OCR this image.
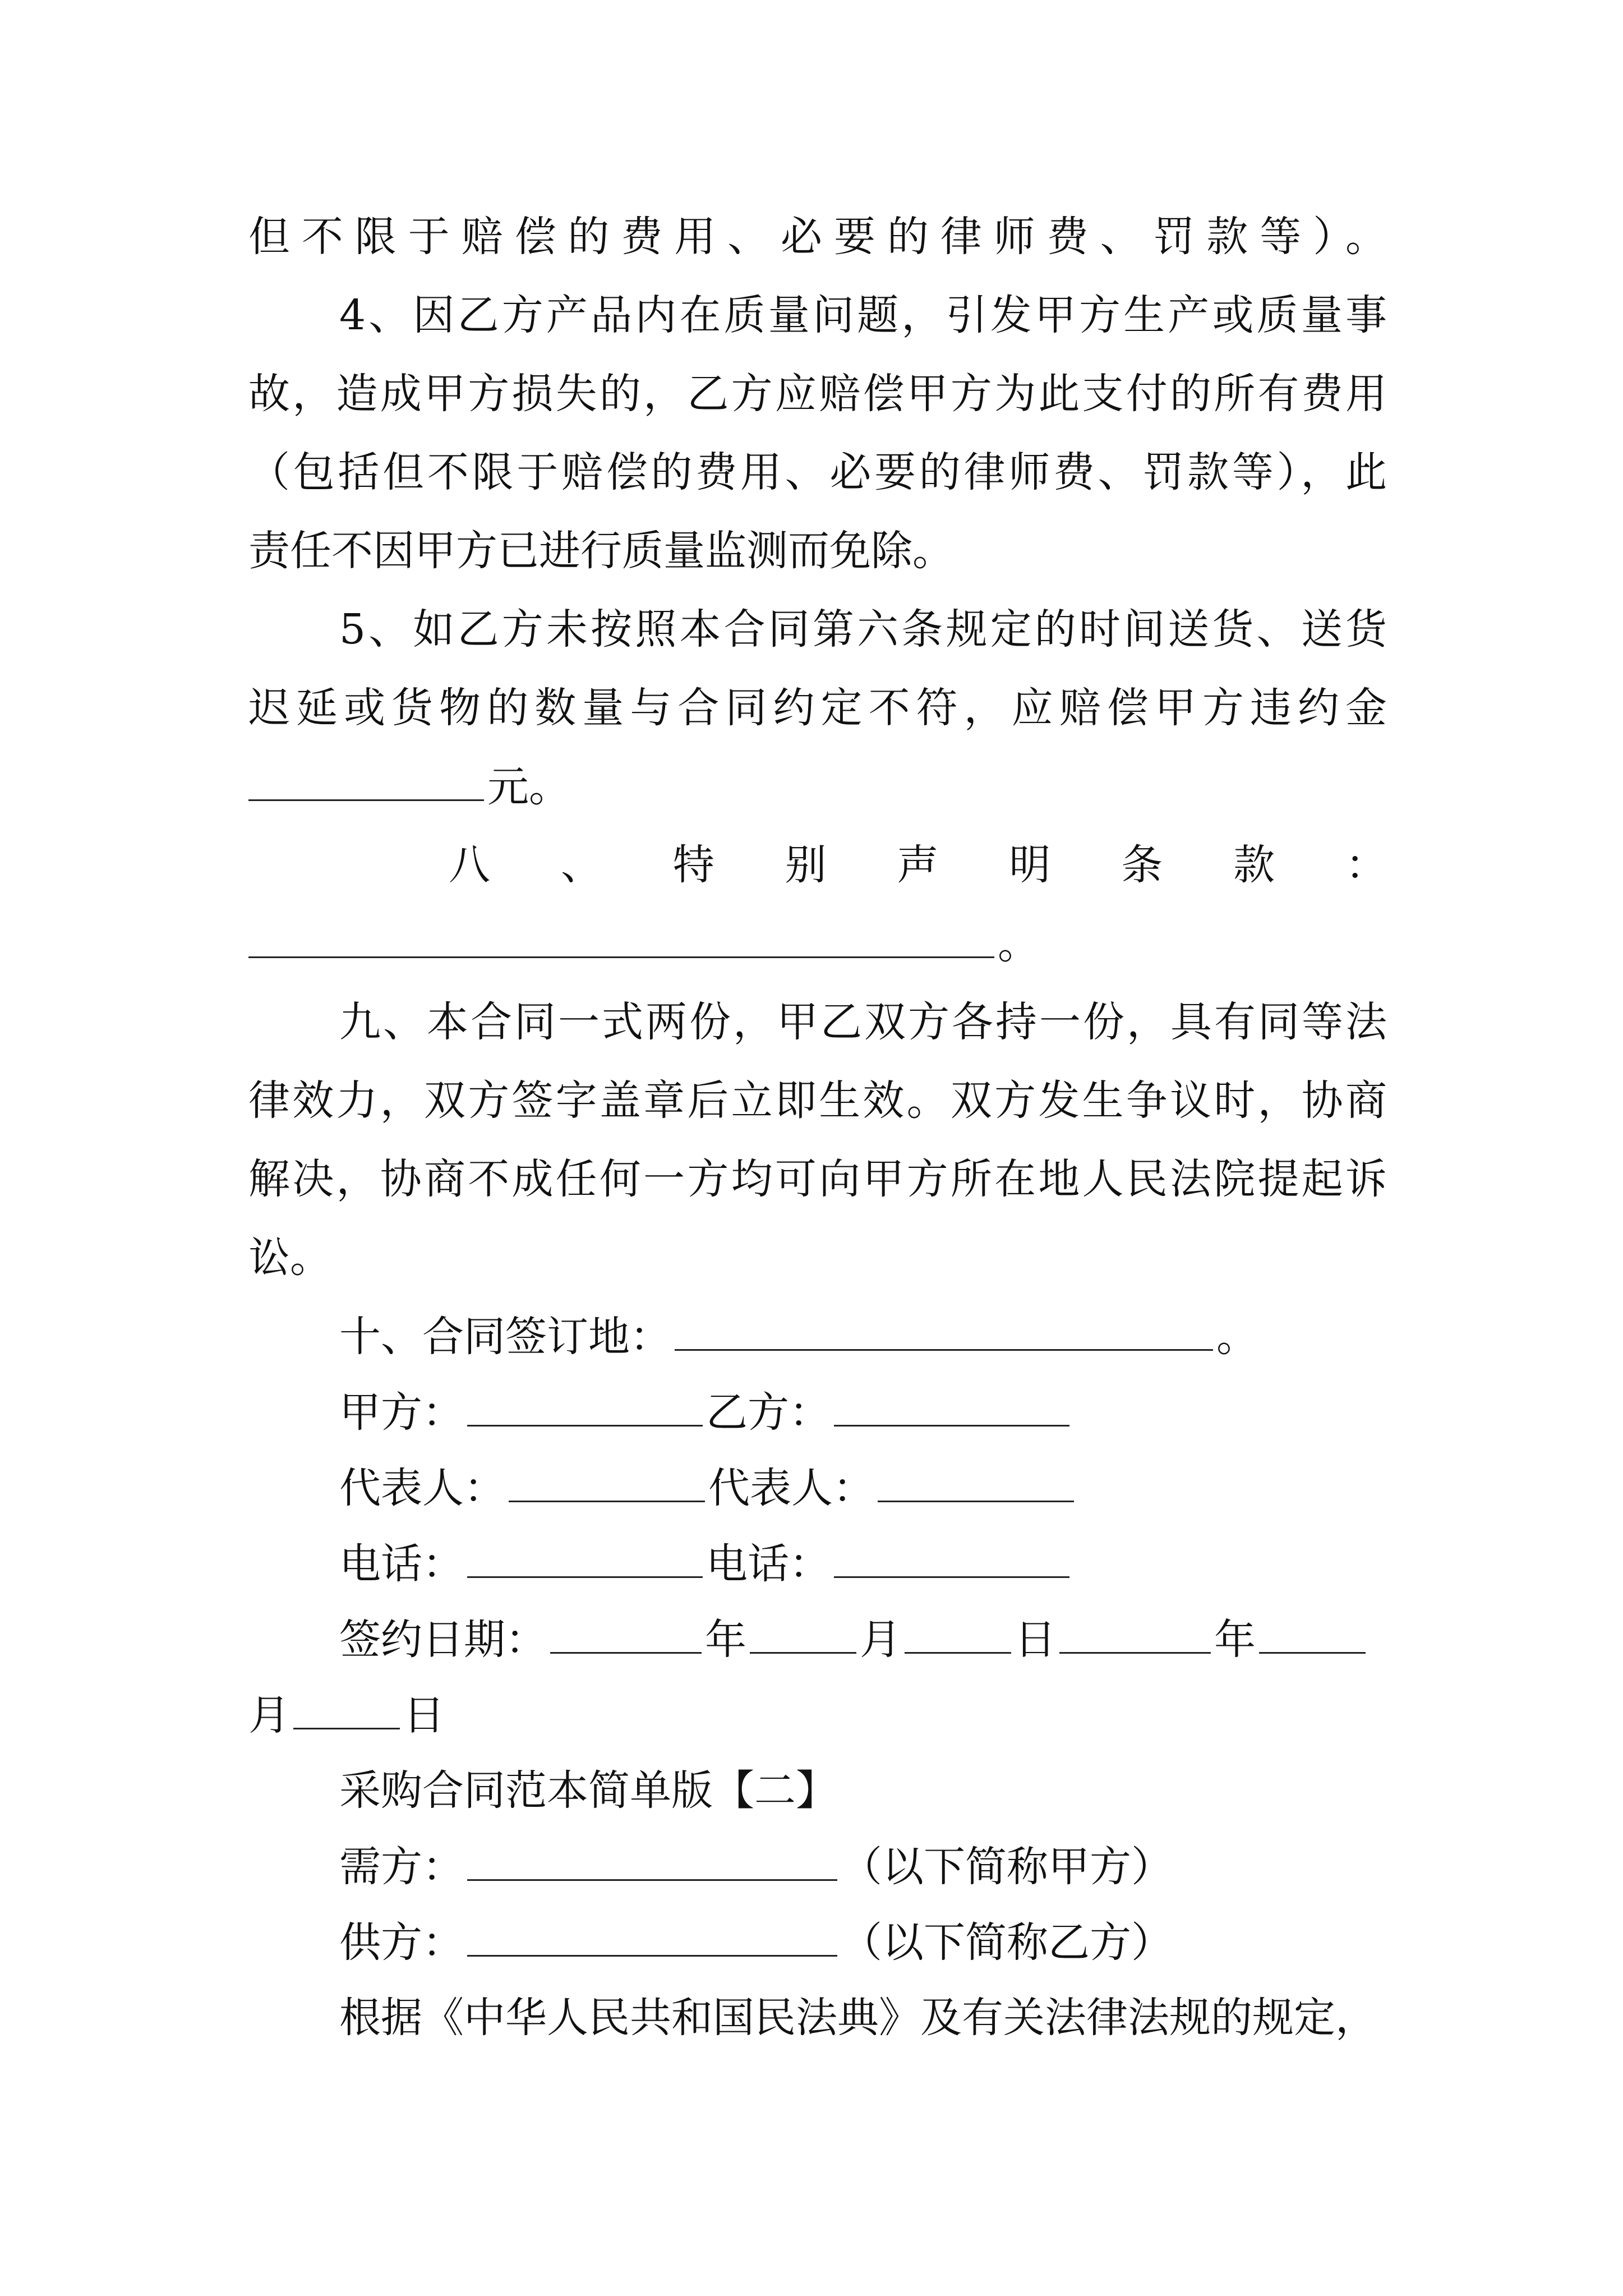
但不限于赔偿的费用、必要的律师费、罚款等）。
4、因乙方产品内在质量问题，引发甲方生产或质量事
故，造成甲方损失的，乙方应赔偿甲方为此支付的所有费用
（包括但不限于赔偿的费用、必要的律师费、罚款等），此
责任不因甲方已进行质量监测而免除。
5、如乙方未按照本合同第六条规定的时间送货、送货
迟延或货物的数量与合同约定不符，应赔偿甲方违约金
元。
八 、 特 别 声 明 条 款 ：
。
九、本合同一式两份，甲乙双方各持一份，具有同等法
律效力，双方签字盖章后立即生效。双方发生争议时，协商
解决，协商不成任何一方均可向甲方所在地人民法院提起诉
讼。
十、合同签订地：	。
甲方：	乙方：
代表人：	代表人：
电话：	电话：
签约日期：	年	月	日	年
月	日
采购合同范本简单版【二】
需方：	（以下简称甲方）
供方：	（以下简称乙方）
根据《中华人民共和国民法典》及有关法律法规的规定，
